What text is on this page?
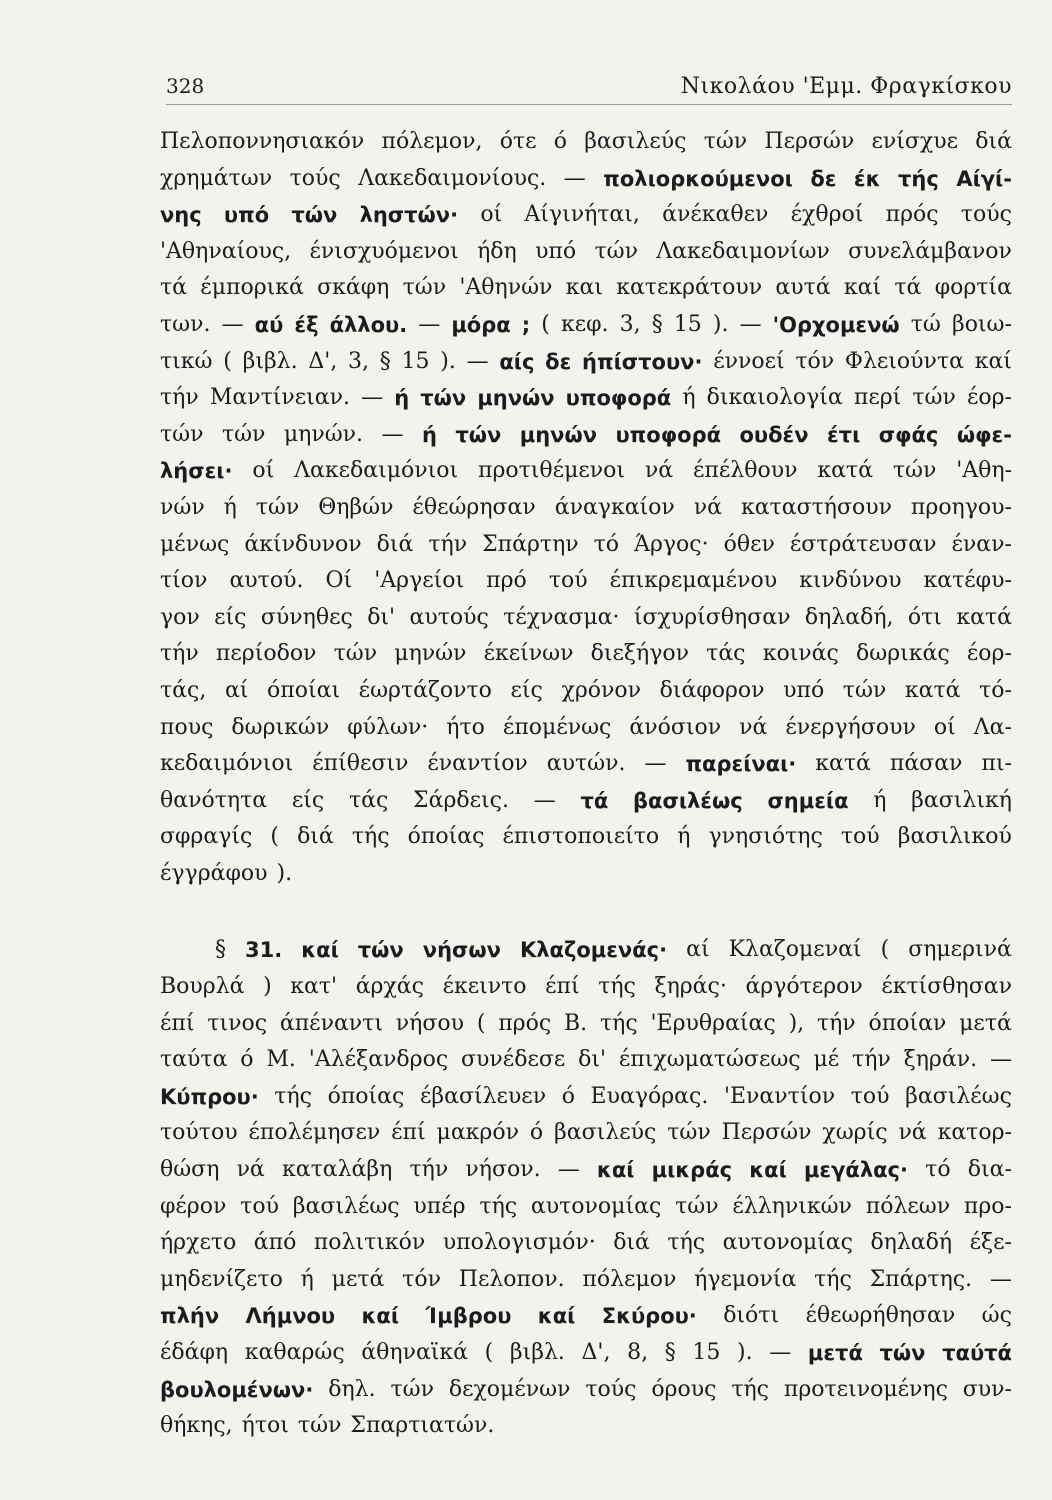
328	Νικολάου 'Εμμ. Φραγκίσκου
Πελοποννησιακόν πόλεμον, ότε ό βασιλεύς τών Περσών ενίσχυε διά
χρημάτων τούς Λακεδαιμονίους. — πολιορκούμενοι δε έκ τής Αίγί-
νης υπό τών ληστών· οί Αίγινήται, άνέκαθεν έχθροί πρός τούς
'Αθηναίους, ένισχυόμενοι ήδη υπό τών Λακεδαιμονίων συνελάμβανον
τά έμπορικά σκάφη τών 'Αθηνών και κατεκράτουν αυτά καί τά φορτία
των. — αύ έξ άλλου. — μόρα ; ( κεφ. 3, § 15 ). — 'Ορχομενώ τώ βοιω-
τικώ ( βιβλ. Δ', 3, § 15 ). — αίς δε ήπίστουν· έννοεί τόν Φλειούντα καί
τήν Μαντίνειαν. — ή τών μηνών υποφορά ή δικαιολογία περί τών έορ-
τών τών μηνών. — ή τών μηνών υποφορά ουδέν έτι σφάς ώφε-
λήσει· οί Λακεδαιμόνιοι προτιθέμενοι νά έπέλθουν κατά τών 'Αθη-
νών ή τών Θηβών έθεώρησαν άναγκαίον νά καταστήσουν προηγου-
μένως άκίνδυνον διά τήν Σπάρτην τό Άργος· όθεν έστράτευσαν έναν-
τίον αυτού. Οί 'Αργείοι πρό τού έπικρεμαμένου κινδύνου κατέφυ-
γον είς σύνηθες δι' αυτούς τέχνασμα· ίσχυρίσθησαν δηλαδή, ότι κατά
τήν περίοδον τών μηνών έκείνων διεξήγον τάς κοινάς δωρικάς έορ-
τάς, αί όποίαι έωρτάζοντο είς χρόνον διάφορον υπό τών κατά τό-
πους δωρικών φύλων· ήτο έπομένως άνόσιον νά ένεργήσουν οί Λα-
κεδαιμόνιοι έπίθεσιν έναντίον αυτών. — παρείναι· κατά πάσαν πι-
θανότητα είς τάς Σάρδεις. — τά βασιλέως σημεία ή βασιλική
σφραγίς ( διά τής όποίας έπιστοποιείτο ή γνησιότης τού βασιλικού
έγγράφου ).
§ 31. καί τών νήσων Κλαζομενάς· αί Κλαζομεναί ( σημερινά
Βουρλά ) κατ' άρχάς έκειντο έπί τής ξηράς· άργότερον έκτίσθησαν
έπί τινος άπέναντι νήσου ( πρός Β. τής 'Ερυθραίας ), τήν όποίαν μετά
ταύτα ό Μ. 'Αλέξανδρος συνέδεσε δι' έπιχωματώσεως μέ τήν ξηράν. —
Κύπρου· τής όποίας έβασίλευεν ό Ευαγόρας. 'Εναντίον τού βασιλέως
τούτου έπολέμησεν έπί μακρόν ό βασιλεύς τών Περσών χωρίς νά κατορ-
θώση νά καταλάβη τήν νήσον. — καί μικράς καί μεγάλας· τό δια-
φέρον τού βασιλέως υπέρ τής αυτονομίας τών έλληνικών πόλεων προ-
ήρχετο άπό πολιτικόν υπολογισμόν· διά τής αυτονομίας δηλαδή έξε-
μηδενίζετο ή μετά τόν Πελοπον. πόλεμον ήγεμονία τής Σπάρτης. —
πλήν Λήμνου καί Ίμβρου καί Σκύρου· διότι έθεωρήθησαν ώς
έδάφη καθαρώς άθηναϊκά ( βιβλ. Δ', 8, § 15 ). — μετά τών ταύτά
βουλομένων· δηλ. τών δεχομένων τούς όρους τής προτεινομένης συν-
θήκης, ήτοι τών Σπαρτιατών.
